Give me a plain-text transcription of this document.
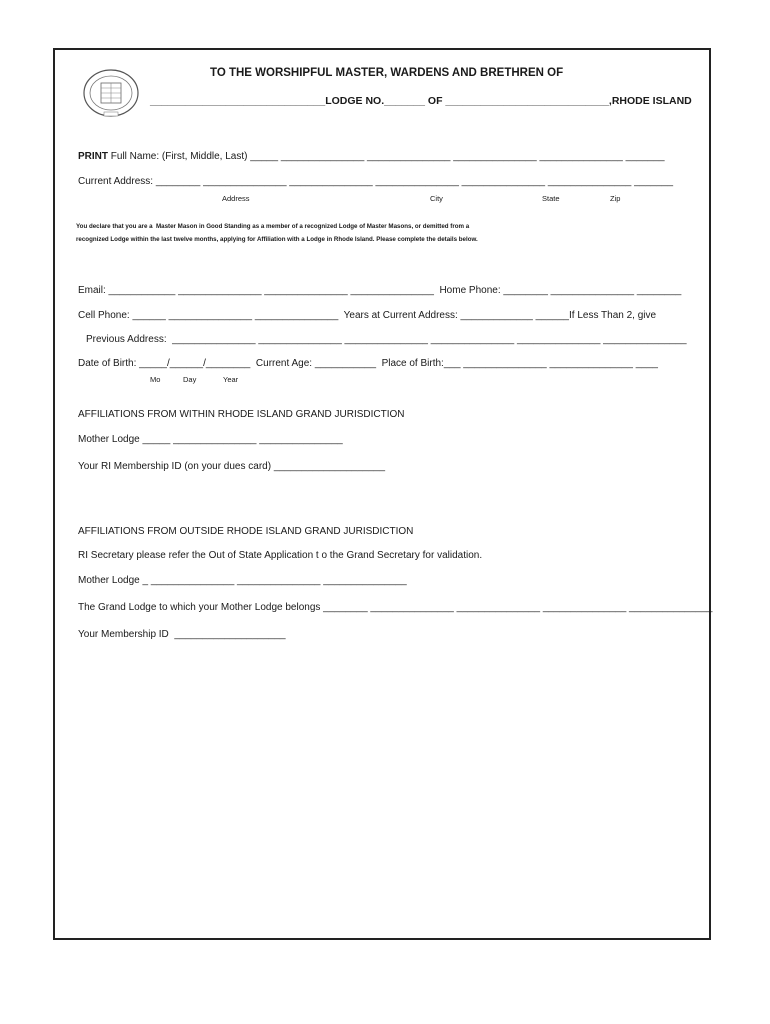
TO THE WORSHIPFUL MASTER, WARDENS AND BRETHREN OF
______________________________LODGE NO._______ OF ____________________________,RHODE ISLAND
PRINT Full Name: (First, Middle, Last) _____ _______________ _______________ _______________ _______________ _______
Current Address: ________ _______________ _______________ _______________ _______________ _______________ _______
Address	City	State	Zip
You declare that you are a  Master Mason in Good Standing as a member of a recognized Lodge of Master Masons, or demitted from a
recognized Lodge within the last twelve months, applying for Affiliation with a Lodge in Rhode Island. Please complete the details below.
Email: ____________ _______________ _______________ _______________  Home Phone: ________ _______________ ________
Cell Phone: ______ _______________ _______________  Years at Current Address: _____________ ______If Less Than 2, give
Previous Address:  _______________ _______________ _______________ _______________ _______________ _______________
Date of Birth: _____/______/________  Current Age: ___________  Place of Birth:___ _______________ _______________ ____
Mo	Day	Year
AFFILIATIONS FROM WITHIN RHODE ISLAND GRAND JURISDICTION
Mother Lodge _____ _______________ _______________
Your RI Membership ID (on your dues card) ____________________
AFFILIATIONS FROM OUTSIDE RHODE ISLAND GRAND JURISDICTION
RI Secretary please refer the Out of State Application t o the Grand Secretary for validation.
Mother Lodge _ _______________ _______________ _______________
The Grand Lodge to which your Mother Lodge belongs ________ _______________ _______________ _______________ _______________
Your Membership ID  ____________________
